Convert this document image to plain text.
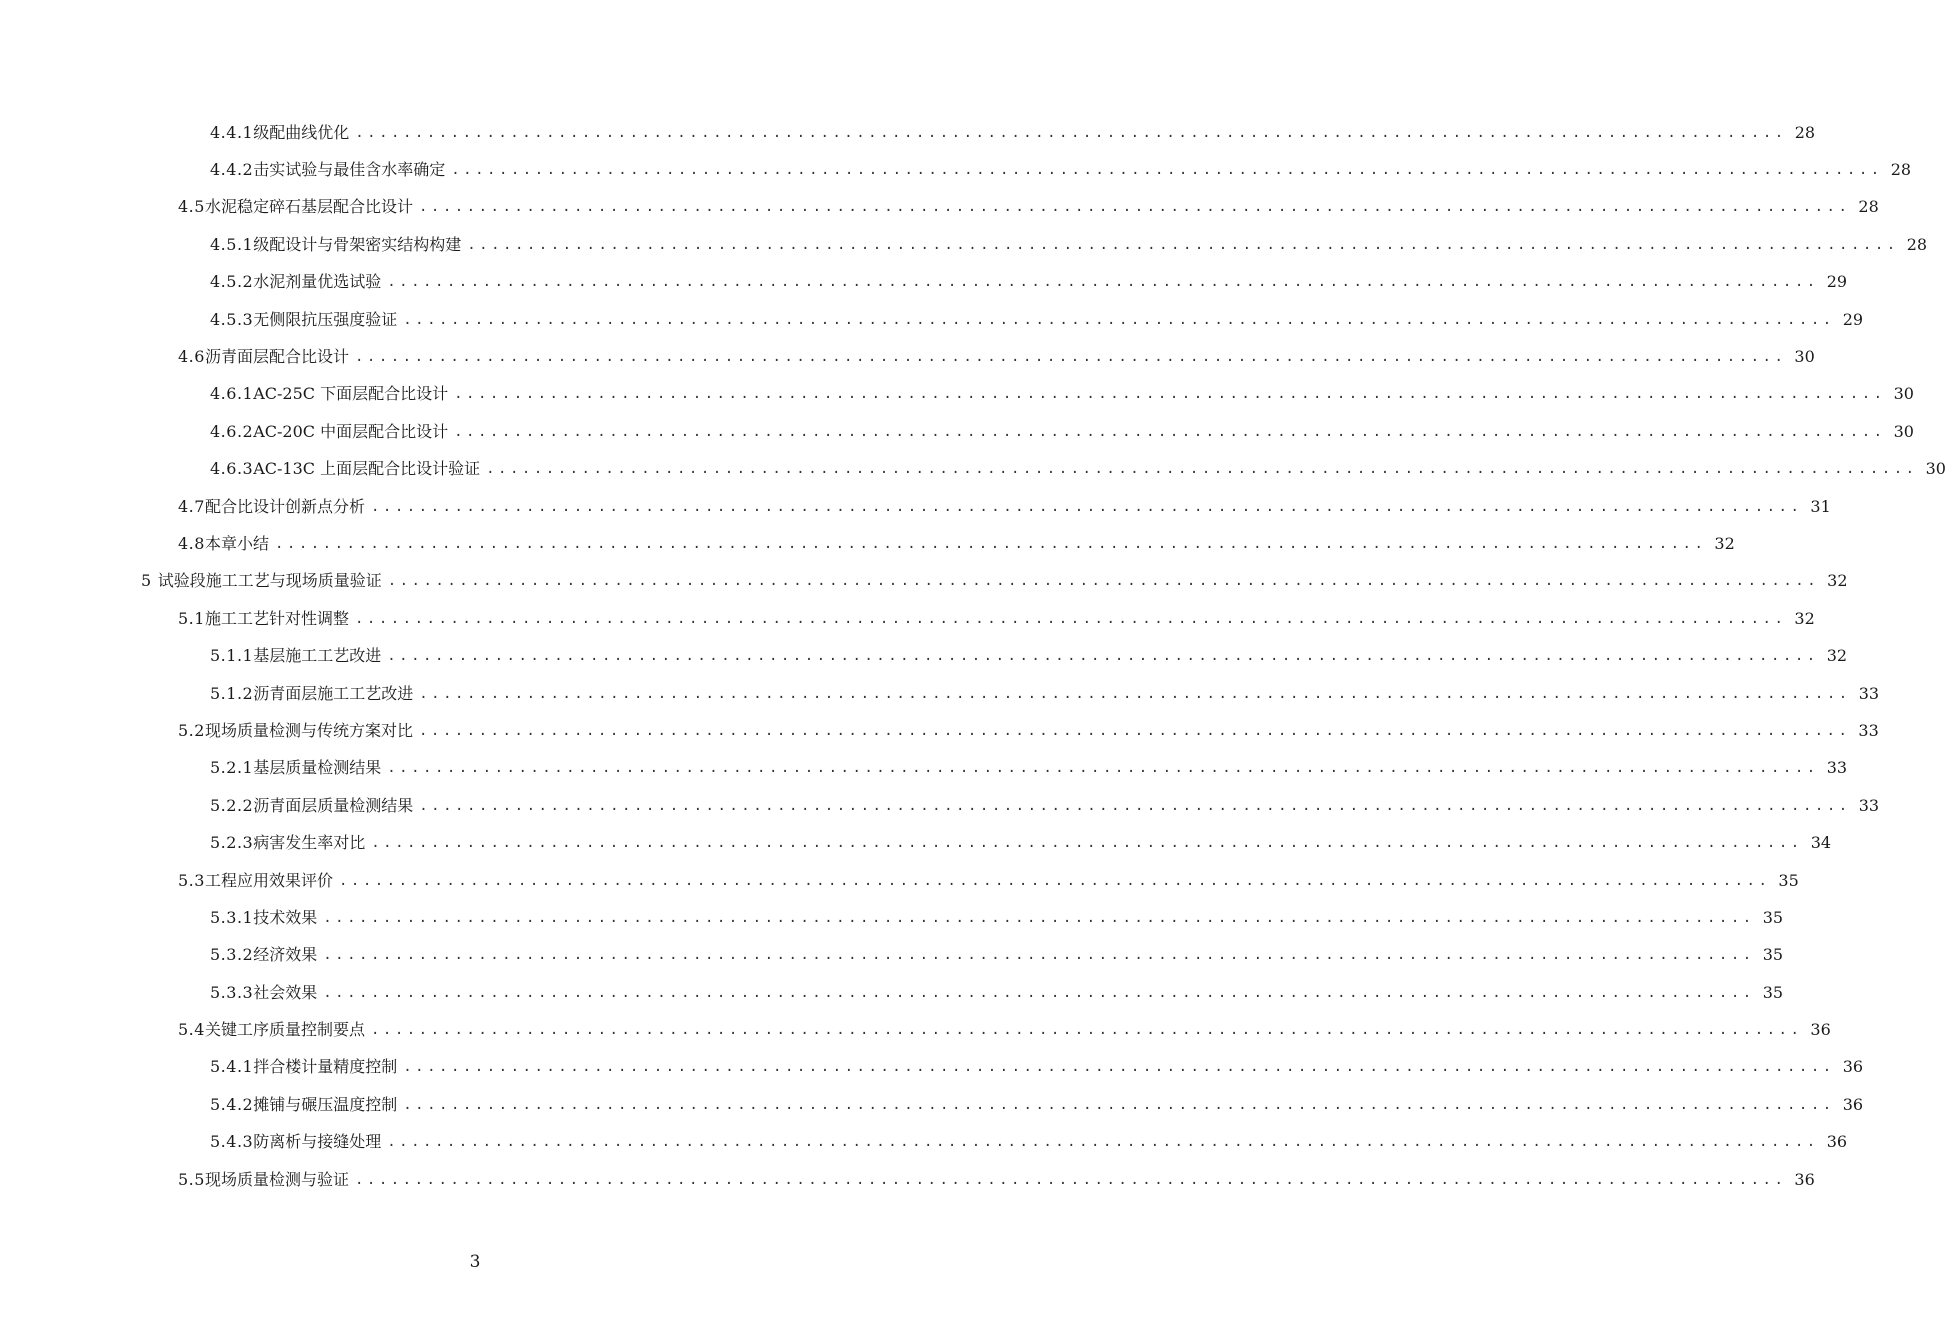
4.4.1 级配曲线优化 ........................................................................................................................ 28
4.4.2 击实试验与最佳含水率确定 ........................................................................................................................ 28
4.5 水泥稳定碎石基层配合比设计 ........................................................................................................................ 28
4.5.1 级配设计与骨架密实结构构建 ........................................................................................................................ 28
4.5.2 水泥剂量优选试验 ........................................................................................................................ 29
4.5.3 无侧限抗压强度验证 ........................................................................................................................ 29
4.6 沥青面层配合比设计 ........................................................................................................................ 30
4.6.1 AC-25C 下面层配合比设计 ........................................................................................................................ 30
4.6.2 AC-20C 中面层配合比设计 ........................................................................................................................ 30
4.6.3 AC-13C 上面层配合比设计验证 ........................................................................................................................ 30
4.7 配合比设计创新点分析 ........................................................................................................................ 31
4.8 本章小结 ........................................................................................................................ 32
5 试验段施工工艺与现场质量验证 ........................................................................................................................ 32
5.1 施工工艺针对性调整 ........................................................................................................................ 32
5.1.1 基层施工工艺改进 ........................................................................................................................ 32
5.1.2 沥青面层施工工艺改进 ........................................................................................................................ 33
5.2 现场质量检测与传统方案对比 ........................................................................................................................ 33
5.2.1 基层质量检测结果 ........................................................................................................................ 33
5.2.2 沥青面层质量检测结果 ........................................................................................................................ 33
5.2.3 病害发生率对比 ........................................................................................................................ 34
5.3 工程应用效果评价 ........................................................................................................................ 35
5.3.1 技术效果 ........................................................................................................................ 35
5.3.2 经济效果 ........................................................................................................................ 35
5.3.3 社会效果 ........................................................................................................................ 35
5.4 关键工序质量控制要点 ........................................................................................................................ 36
5.4.1 拌合楼计量精度控制 ........................................................................................................................ 36
5.4.2 摊铺与碾压温度控制 ........................................................................................................................ 36
5.4.3 防离析与接缝处理 ........................................................................................................................ 36
5.5 现场质量检测与验证 ........................................................................................................................ 36
3
